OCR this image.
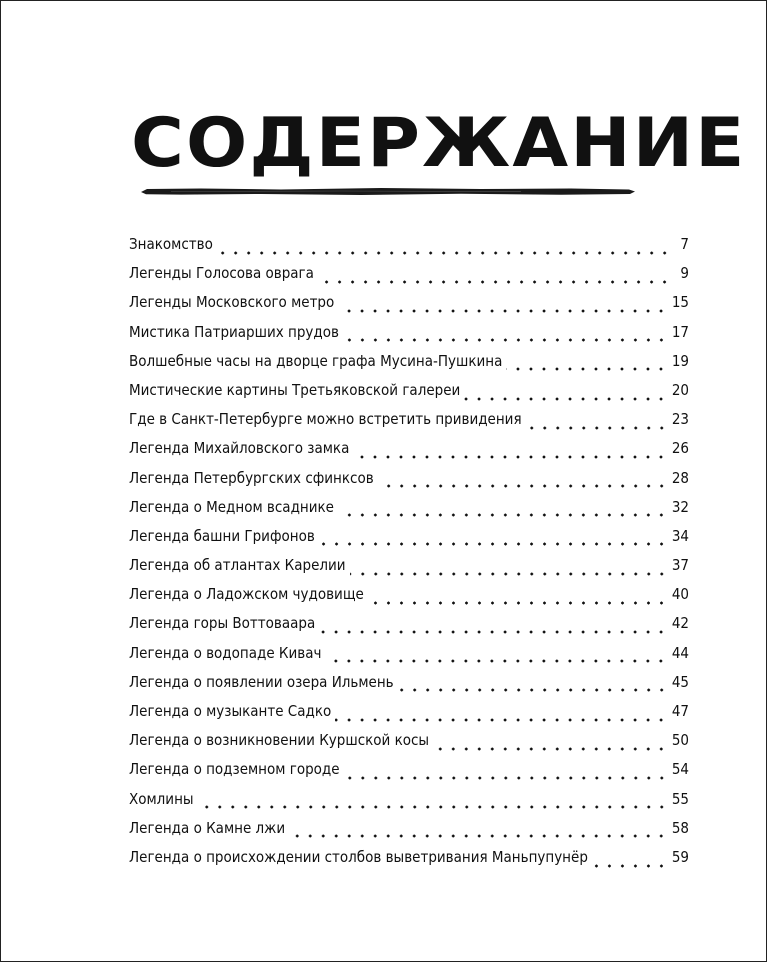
СОДЕРЖАНИЕ
Знакомство	7
Легенды Голосова оврага	9
Легенды Московского метро	15
Мистика Патриарших прудов	17
Волшебные часы на дворце графа Мусина-Пушкина	19
Мистические картины Третьяковской галереи	20
Где в Санкт-Петербурге можно встретить привидения	23
Легенда Михайловского замка	26
Легенда Петербургских сфинксов	28
Легенда о Медном всаднике	32
Легенда башни Грифонов	34
Легенда об атлантах Карелии	37
Легенда о Ладожском чудовище	40
Легенда горы Воттоваара	42
Легенда о водопаде Кивач	44
Легенда о появлении озера Ильмень	45
Легенда о музыканте Садко	47
Легенда о возникновении Куршской косы	50
Легенда о подземном городе	54
Хомлины	55
Легенда о Камне лжи	58
Легенда о происхождении столбов выветривания Маньпупунёр	59
